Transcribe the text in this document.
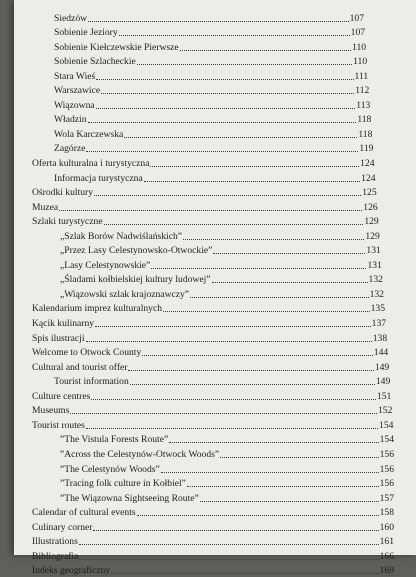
Siedzów	107
Sobienie Jeziory	107
Sobienie Kiełczewskie Pierwsze	110
Sobienie Szlacheckie	110
Stara Wieś	111
Warszawice	112
Wiązowna	113
Władzin	118
Wola Karczewska	118
Zagórze	119
Oferta kulturalna i turystyczna	124
Informacja turystyczna	124
Ośrodki kultury	125
Muzea	126
Szlaki turystyczne	129
„Szlak Borów Nadwiślańskich”	129
„Przez Lasy Celestynowsko-Otwockie”	131
„Lasy Celestynowskie”	131
„Śladami kołbielskiej kultury ludowej”	132
„Wiązowski szlak krajoznawczy”	132
Kalendarium imprez kulturalnych	135
Kącik kulinarny	137
Spis ilustracji	138
Welcome to Otwock County	144
Cultural and tourist offer	149
Tourist information	149
Culture centres	151
Museums	152
Tourist routes	154
”The Vistula Forests Route”	154
”Across the Celestynów-Otwock Woods”	156
”The Celestynów Woods”	156
”Tracing folk culture in Kołbiel”	156
”The Wiązowna Sightseeing Route”	157
Calendar of cultural events	158
Culinary corner	160
Illustrations	161
Bibliografia	166
Indeks geograficzny	169
